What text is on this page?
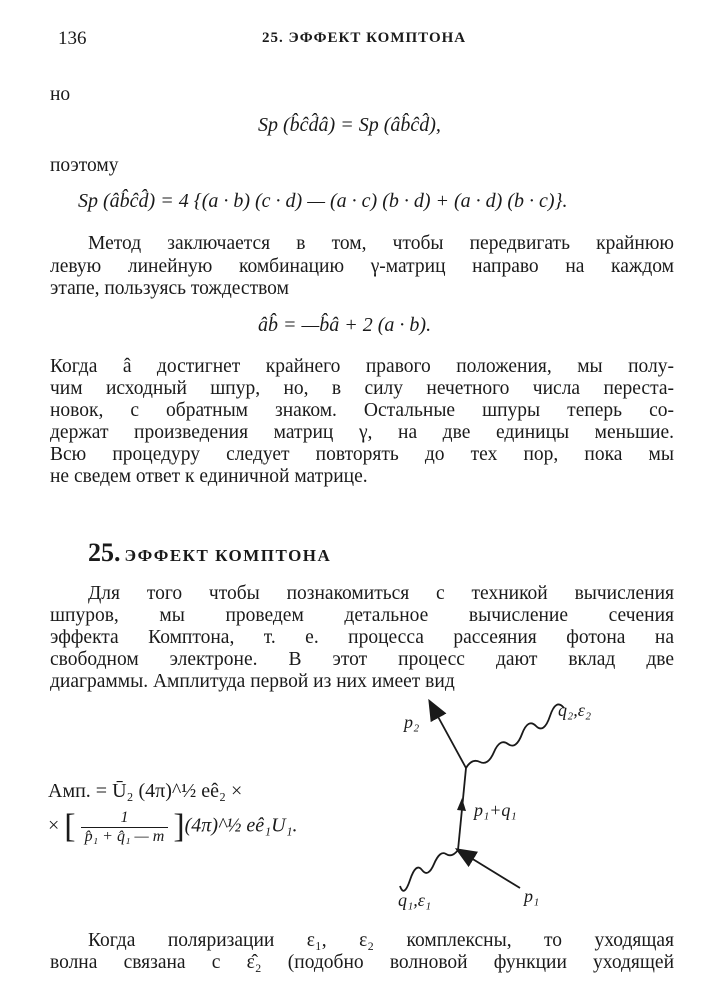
136	25. ЭФФЕКТ КОМПТОНА
но
Sp (b̂ĉd̂â) = Sp (âb̂ĉd̂),
поэтому
Sp (âb̂ĉd̂) = 4 {(a · b) (c · d) — (a · c) (b · d) + (a · d) (b · c)}.
Метод заключается в том, чтобы передвигать крайнюю
левую линейную комбинацию γ-матриц направо на каждом
этапе, пользуясь тождеством
âb̂ = —b̂â + 2 (a · b).
Когда â достигнет крайнего правого положения, мы полу-
чим исходный шпур, но, в силу нечетного числа переста-
новок, с обратным знаком. Остальные шпуры теперь со-
держат произведения матриц γ, на две единицы меньшие.
Всю процедуру следует повторять до тех пор, пока мы
не сведем ответ к единичной матрице.
25. ЭФФЕКТ КОМПТОНА
Для того чтобы познакомиться с техникой вычисления
шпуров, мы проведем детальное вычисление сечения
эффекта Комптона, т. е. процесса рассеяния фотона на
свободном электроне. В этот процесс дают вклад две
диаграммы. Амплитуда первой из них имеет вид
Амп. = Ū₂ (4π)^½ eê₂ ×
× [ $\frac{1}{\text{p̂₁ + q̂₁ — m}}$ ](4π)^½ eê₁U₁.
p₂
q₂,ε₂
p₁+q₁
q₁,ε₁	p₁
Когда поляризации ε₁, ε₂ комплексны, то уходящая
волна связана с ε̂₂ (подобно волновой функции уходящей
